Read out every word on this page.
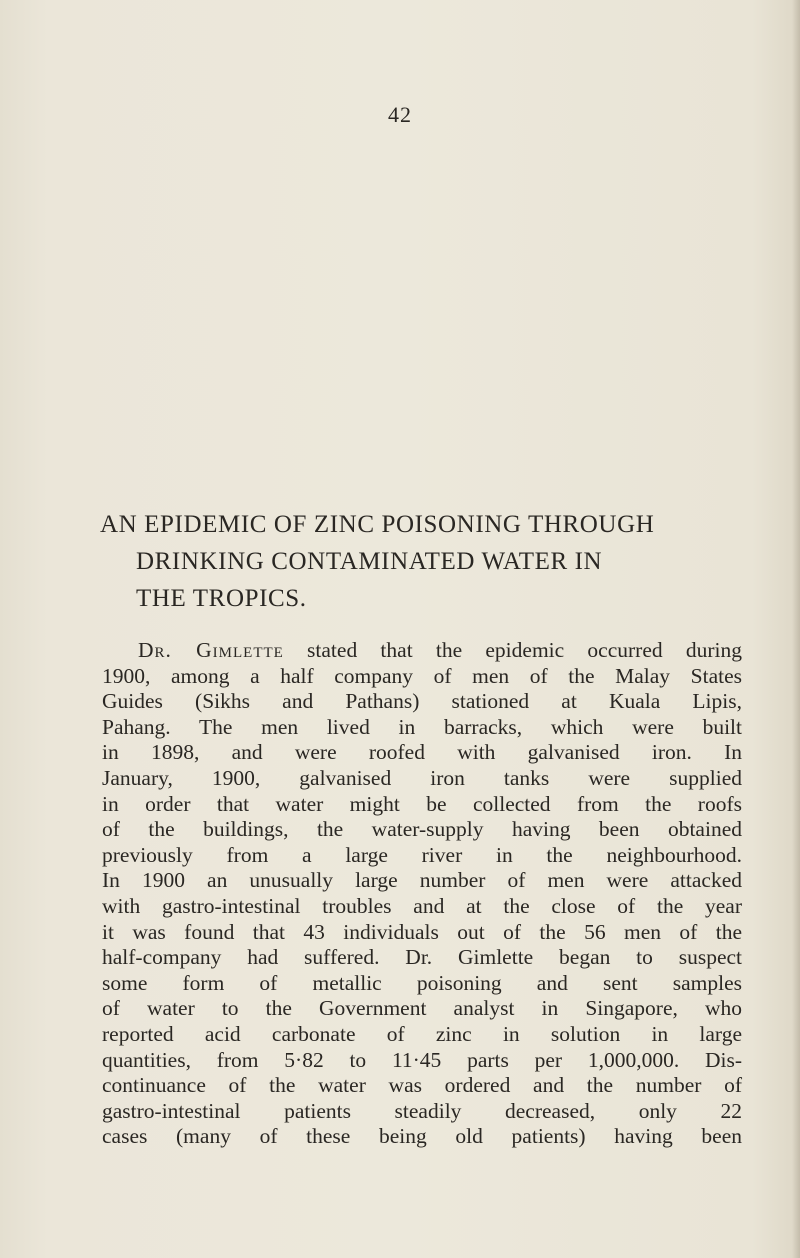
42
AN EPIDEMIC OF ZINC POISONING THROUGH
DRINKING CONTAMINATED WATER IN
THE TROPICS.
Dr. Gimlette stated that the epidemic occurred during
1900, among a half company of men of the Malay States
Guides (Sikhs and Pathans) stationed at Kuala Lipis,
Pahang. The men lived in barracks, which were built
in 1898, and were roofed with galvanised iron. In
January, 1900, galvanised iron tanks were supplied
in order that water might be collected from the roofs
of the buildings, the water-supply having been obtained
previously from a large river in the neighbourhood.
In 1900 an unusually large number of men were attacked
with gastro-intestinal troubles and at the close of the year
it was found that 43 individuals out of the 56 men of the
half-company had suffered. Dr. Gimlette began to suspect
some form of metallic poisoning and sent samples
of water to the Government analyst in Singapore, who
reported acid carbonate of zinc in solution in large
quantities, from 5·82 to 11·45 parts per 1,000,000. Dis-
continuance of the water was ordered and the number of
gastro-intestinal patients steadily decreased, only 22
cases (many of these being old patients) having been
